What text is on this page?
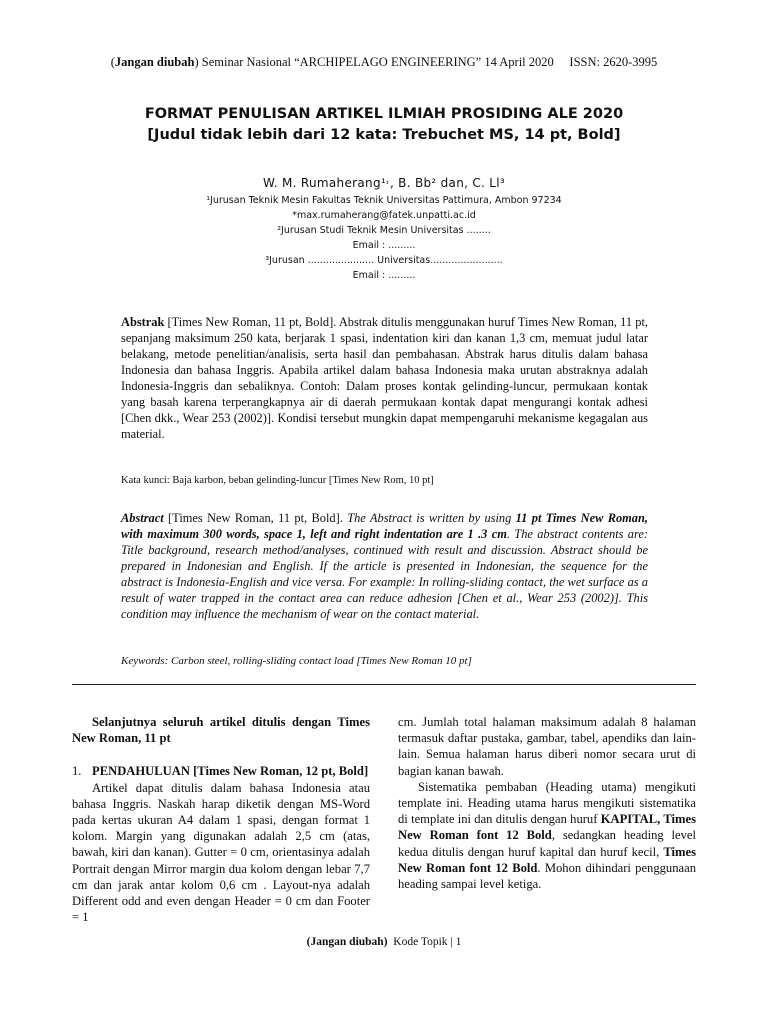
(Jangan diubah) Seminar Nasional “ARCHIPELAGO ENGINEERING” 14 April 2020 ISSN: 2620-3995
FORMAT PENULISAN ARTIKEL ILMIAH PROSIDING ALE 2020
[Judul tidak lebih dari 12 kata: Trebuchet MS, 14 pt, Bold]
W. M. Rumaherang¹˒, B. Bb² dan, C. Ll³
¹Jurusan Teknik Mesin Fakultas Teknik Universitas Pattimura, Ambon 97234
*max.rumaherang@fatek.unpatti.ac.id
²Jurusan Studi Teknik Mesin Universitas ........
Email : .........
³Jurusan ...................... Universitas........................
Email : .........
Abstrak [Times New Roman, 11 pt, Bold]. Abstrak ditulis menggunakan huruf Times New Roman, 11 pt, sepanjang maksimum 250 kata, berjarak 1 spasi, indentation kiri dan kanan 1,3 cm, memuat judul latar belakang, metode penelitian/analisis, serta hasil dan pembahasan. Abstrak harus ditulis dalam bahasa Indonesia dan bahasa Inggris. Apabila artikel dalam bahasa Indonesia maka urutan abstraknya adalah Indonesia-Inggris dan sebaliknya. Contoh: Dalam proses kontak gelinding-luncur, permukaan kontak yang basah karena terperangkapnya air di daerah permukaan kontak dapat mengurangi kontak adhesi [Chen dkk., Wear 253 (2002)]. Kondisi tersebut mungkin dapat mempengaruhi mekanisme kegagalan aus material.
Kata kunci: Baja karbon, beban gelinding-luncur [Times New Rom, 10 pt]
Abstract [Times New Roman, 11 pt, Bold]. The Abstract is written by using 11 pt Times New Roman, with maximum 300 words, space 1, left and right indentation are 1 .3 cm. The abstract contents are: Title background, research method/analyses, continued with result and discussion. Abstract should be prepared in Indonesian and English. If the article is presented in Indonesian, the sequence for the abstract is Indonesia-English and vice versa. For example: In rolling-sliding contact, the wet surface as a result of water trapped in the contact area can reduce adhesion [Chen et al., Wear 253 (2002)]. This condition may influence the mechanism of wear on the contact material.
Keywords: Carbon steel, rolling-sliding contact load [Times New Roman 10 pt]

Selanjutnya seluruh artikel ditulis dengan Times New Roman, 11 pt

1. PENDAHULUAN [Times New Roman, 12 pt, Bold]

Artikel dapat ditulis dalam bahasa Indonesia atau bahasa Inggris. Naskah harap diketik dengan MS-Word pada kertas ukuran A4 dalam 1 spasi, dengan format 1 kolom. Margin yang digunakan adalah 2,5 cm (atas, bawah, kiri dan kanan). Gutter = 0 cm, orientasinya adalah Portrait dengan Mirror margin dua kolom dengan lebar 7,7 cm dan jarak antar kolom 0,6 cm . Layout-nya adalah Different odd and even dengan Header = 0 cm dan Footer = 1

cm. Jumlah total halaman maksimum adalah 8 halaman termasuk daftar pustaka, gambar, tabel, apendiks dan lain-lain. Semua halaman harus diberi nomor secara urut di bagian kanan bawah.

Sistematika pembaban (Heading utama) mengikuti template ini. Heading utama harus mengikuti sistematika di template ini dan ditulis dengan huruf KAPITAL, Times New Roman font 12 Bold, sedangkan heading level kedua ditulis dengan huruf kapital dan huruf kecil, Times New Roman font 12 Bold. Mohon dihindari penggunaan heading sampai level ketiga.

(Jangan diubah) Kode Topik | 1
